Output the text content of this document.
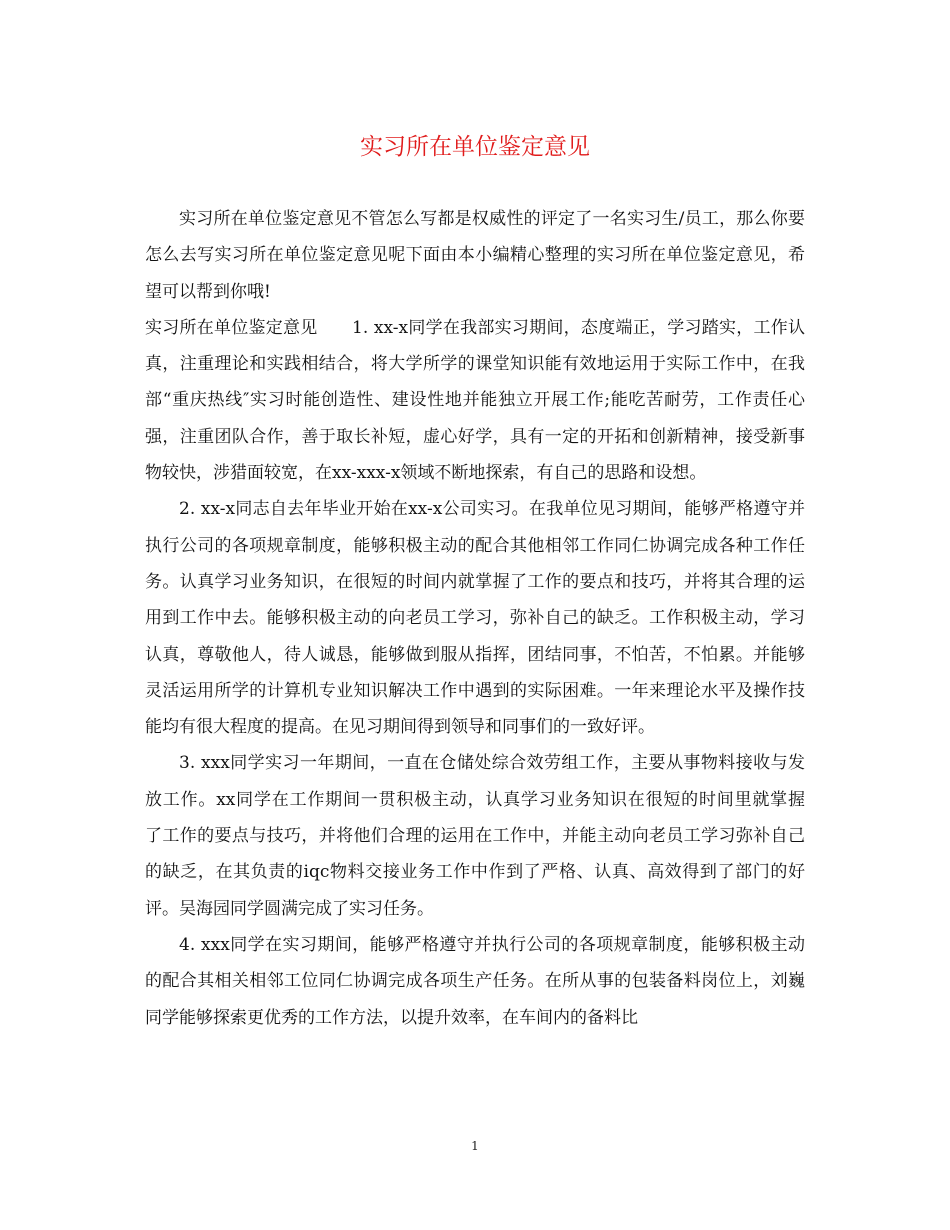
实习所在单位鉴定意见

实习所在单位鉴定意见不管怎么写都是权威性的评定了一名实习生/员工，那么你要怎么去写实习所在单位鉴定意见呢下面由本小编精心整理的实习所在单位鉴定意见，希望可以帮到你哦!

实习所在单位鉴定意见　　1. xx-x同学在我部实习期间，态度端正，学习踏实，工作认真，注重理论和实践相结合，将大学所学的课堂知识能有效地运用于实际工作中，在我部“重庆热线″实习时能创造性、建设性地并能独立开展工作;能吃苦耐劳，工作责任心强，注重团队合作，善于取长补短，虚心好学，具有一定的开拓和创新精神，接受新事物较快，涉猎面较宽，在xx-xxx-x领域不断地探索，有自己的思路和设想。

2. xx-x同志自去年毕业开始在xx-x公司实习。在我单位见习期间，能够严格遵守并执行公司的各项规章制度，能够积极主动的配合其他相邻工作同仁协调完成各种工作任务。认真学习业务知识，在很短的时间内就掌握了工作的要点和技巧，并将其合理的运用到工作中去。能够积极主动的向老员工学习，弥补自己的缺乏。工作积极主动，学习认真，尊敬他人，待人诚恳，能够做到服从指挥，团结同事，不怕苦，不怕累。并能够灵活运用所学的计算机专业知识解决工作中遇到的实际困难。一年来理论水平及操作技能均有很大程度的提高。在见习期间得到领导和同事们的一致好评。

3. xxx同学实习一年期间，一直在仓储处综合效劳组工作，主要从事物料接收与发放工作。xx同学在工作期间一贯积极主动，认真学习业务知识在很短的时间里就掌握　了工作的要点与技巧，并将他们合理的运用在工作中，并能主动向老员工学习弥补自己的缺乏，在其负责的iqc物料交接业务工作中作到了严格、认真、高效得到了部门的好评。吴海园同学圆满完成了实习任务。

4. xxx同学在实习期间，能够严格遵守并执行公司的各项规章制度，能够积极主动的配合其相关相邻工位同仁协调完成各项生产任务。在所从事的包装备料岗位上，刘巍同学能够探索更优秀的工作方法，以提升效率，在车间内的备料比

1
